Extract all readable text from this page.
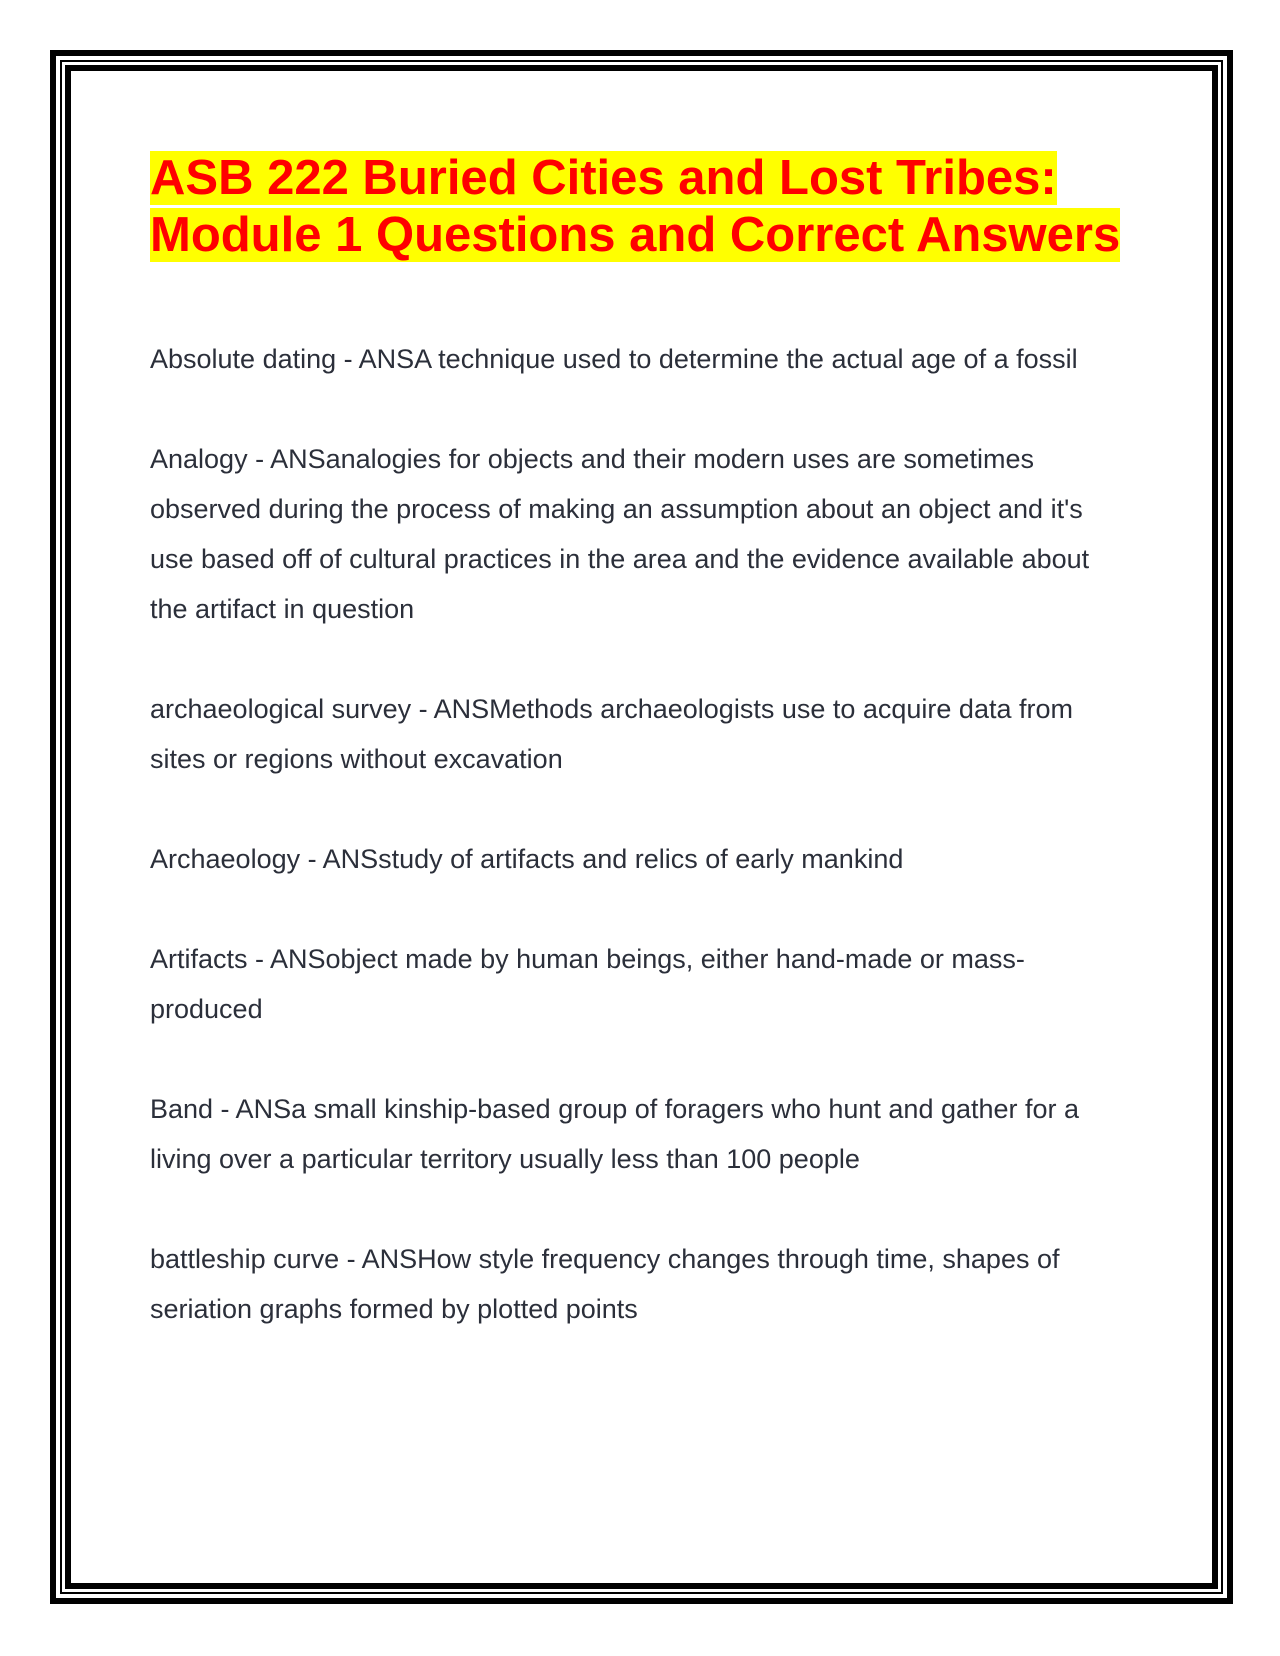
ASB 222 Buried Cities and Lost Tribes: Module 1 Questions and Correct Answers

Absolute dating - ANSA technique used to determine the actual age of a fossil

Analogy - ANSanalogies for objects and their modern uses are sometimes observed during the process of making an assumption about an object and it's use based off of cultural practices in the area and the evidence available about the artifact in question

archaeological survey - ANSMethods archaeologists use to acquire data from sites or regions without excavation

Archaeology - ANSstudy of artifacts and relics of early mankind

Artifacts - ANSobject made by human beings, either hand-made or mass-produced

Band - ANSa small kinship-based group of foragers who hunt and gather for a living over a particular territory usually less than 100 people

battleship curve - ANSHow style frequency changes through time, shapes of seriation graphs formed by plotted points
